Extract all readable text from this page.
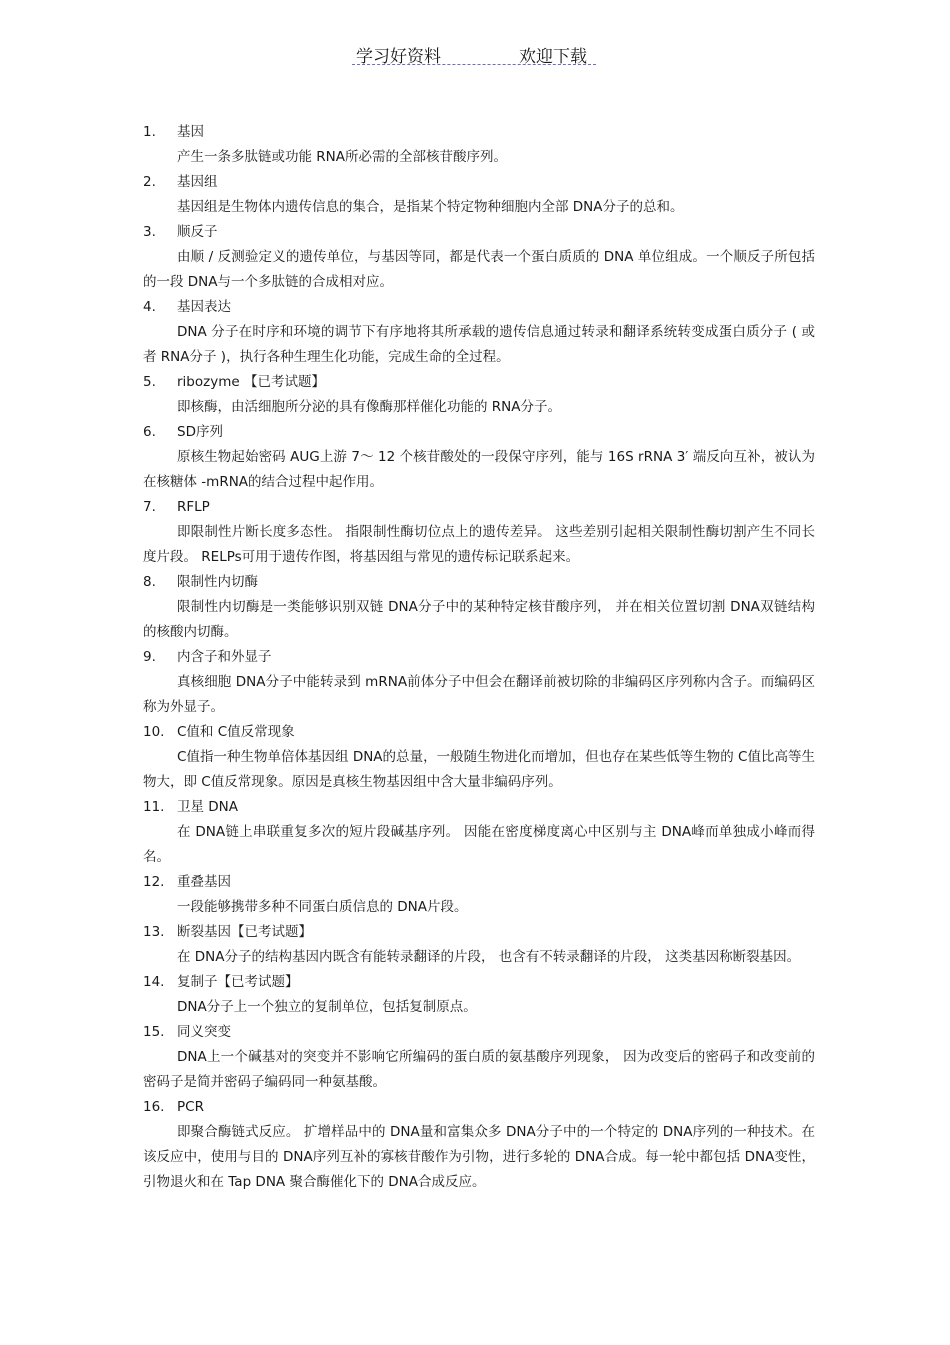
学习好资料	欢迎下载
1. 基因
产生一条多肽链或功能 RNA所必需的全部核苷酸序列。
2. 基因组
基因组是生物体内遗传信息的集合，是指某个特定物种细胞内全部 DNA分子的总和。
3. 顺反子
由顺 / 反测验定义的遗传单位，与基因等同，都是代表一个蛋白质质的 DNA 单位组成。一个顺反子所包括的一段 DNA与一个多肽链的合成相对应。
4. 基因表达
DNA 分子在时序和环境的调节下有序地将其所承载的遗传信息通过转录和翻译系统转变成蛋白质分子 ( 或者 RNA分子 )，执行各种生理生化功能，完成生命的全过程。
5. ribozyme 【已考试题】
即核酶，由活细胞所分泌的具有像酶那样催化功能的 RNA分子。
6. SD序列
原核生物起始密码 AUG上游 7～ 12 个核苷酸处的一段保守序列，能与 16S rRNA 3′ 端反向互补，被认为在核糖体 -mRNA的结合过程中起作用。
7. RFLP
即限制性片断长度多态性。 指限制性酶切位点上的遗传差异。 这些差别引起相关限制性酶切割产生不同长度片段。 RELPs可用于遗传作图，将基因组与常见的遗传标记联系起来。
8. 限制性内切酶
限制性内切酶是一类能够识别双链 DNA分子中的某种特定核苷酸序列， 并在相关位置切割 DNA双链结构的核酸内切酶。
9. 内含子和外显子
真核细胞 DNA分子中能转录到 mRNA前体分子中但会在翻译前被切除的非编码区序列称内含子。而编码区称为外显子。
10. C值和 C值反常现象
C值指一种生物单倍体基因组 DNA的总量，一般随生物进化而增加，但也存在某些低等生物的 C值比高等生物大，即 C值反常现象。原因是真核生物基因组中含大量非编码序列。
11. 卫星 DNA
在 DNA链上串联重复多次的短片段碱基序列。 因能在密度梯度离心中区别与主 DNA峰而单独成小峰而得名。
12. 重叠基因
一段能够携带多种不同蛋白质信息的 DNA片段。
13. 断裂基因【已考试题】
在 DNA分子的结构基因内既含有能转录翻译的片段， 也含有不转录翻译的片段， 这类基因称断裂基因。
14. 复制子【已考试题】
DNA分子上一个独立的复制单位，包括复制原点。
15. 同义突变
DNA上一个碱基对的突变并不影响它所编码的蛋白质的氨基酸序列现象， 因为改变后的密码子和改变前的密码子是简并密码子编码同一种氨基酸。
16. PCR
即聚合酶链式反应。 扩增样品中的 DNA量和富集众多 DNA分子中的一个特定的 DNA序列的一种技术。在该反应中，使用与目的 DNA序列互补的寡核苷酸作为引物，进行多轮的 DNA合成。每一轮中都包括 DNA变性，引物退火和在 Tap DNA 聚合酶催化下的 DNA合成反应。
